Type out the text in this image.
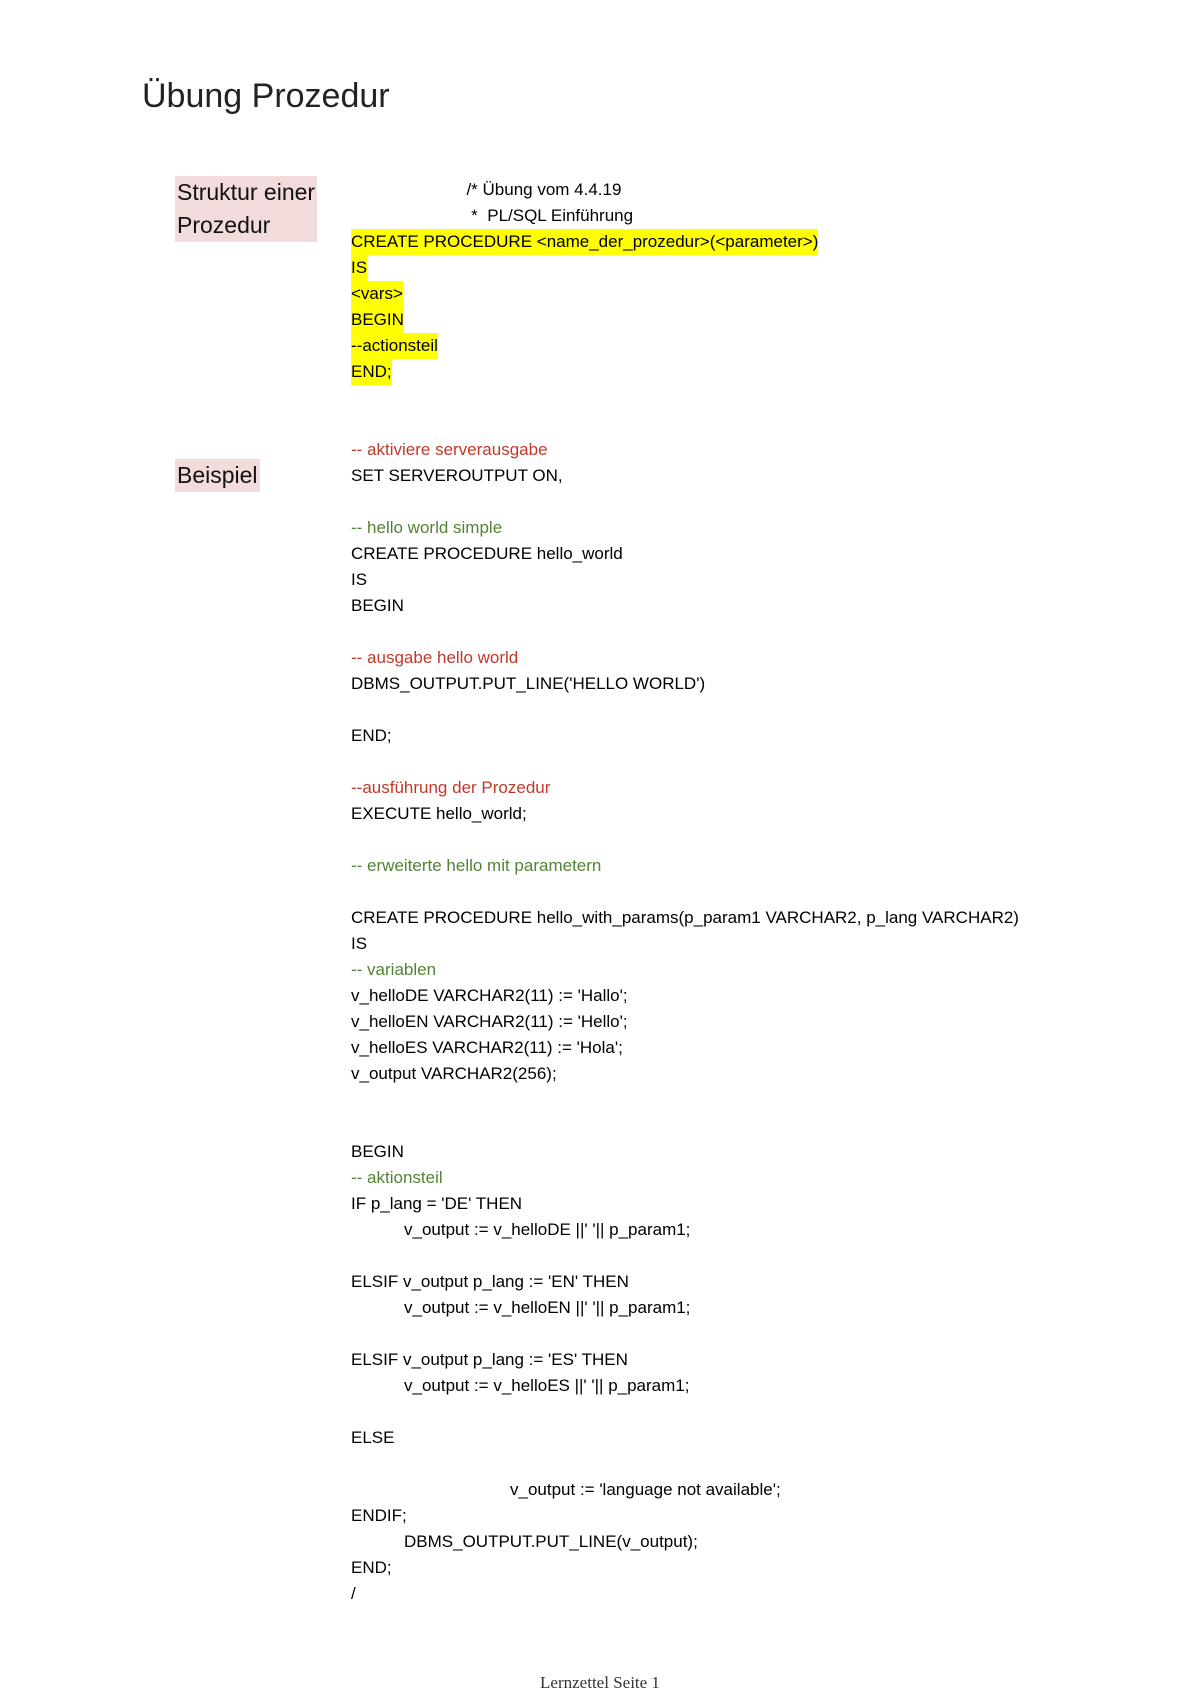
Übung Prozedur
Struktur einer
Prozedur
Beispiel
/* Übung vom 4.4.19
*  PL/SQL Einführung
CREATE PROCEDURE <name_der_prozedur>(<parameter>)
IS
<vars>
BEGIN
--actionsteil
END;
-- aktiviere serverausgabe
SET SERVEROUTPUT ON,
-- hello world simple
CREATE PROCEDURE hello_world
IS
BEGIN
-- ausgabe hello world
DBMS_OUTPUT.PUT_LINE('HELLO WORLD')
END;
--ausführung der Prozedur
EXECUTE hello_world;
-- erweiterte hello mit parametern
CREATE PROCEDURE hello_with_params(p_param1 VARCHAR2, p_lang VARCHAR2)
IS
-- variablen
v_helloDE VARCHAR2(11) := 'Hallo';
v_helloEN VARCHAR2(11) := 'Hello';
v_helloES VARCHAR2(11) := 'Hola';
v_output VARCHAR2(256);
BEGIN
-- aktionsteil
IF p_lang = 'DE' THEN
v_output := v_helloDE ||' '|| p_param1;
ELSIF v_output p_lang := 'EN' THEN
v_output := v_helloEN ||' '|| p_param1;
ELSIF v_output p_lang := 'ES' THEN
v_output := v_helloES ||' '|| p_param1;
ELSE
v_output := 'language not available';
ENDIF;
DBMS_OUTPUT.PUT_LINE(v_output);
END;
/
Lernzettel Seite 1
